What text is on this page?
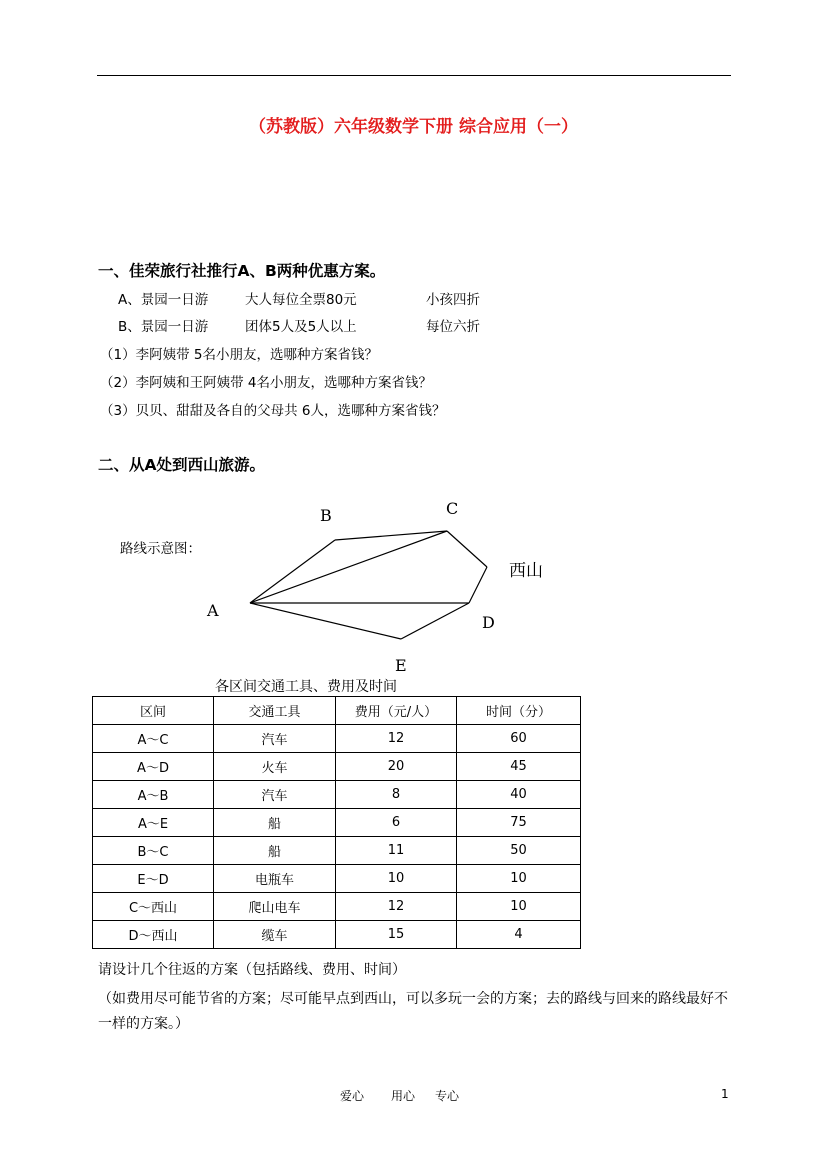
（苏教版）六年级数学下册 综合应用（一）
一、佳荣旅行社推行A、B两种优惠方案。
A、景园一日游	大人每位全票80元	小孩四折
B、景园一日游	团体5人及5人以上	每位六折
（1）李阿姨带 5名小朋友，选哪种方案省钱？
（2）李阿姨和王阿姨带 4名小朋友，选哪种方案省钱？
（3）贝贝、甜甜及各自的父母共 6人，选哪种方案省钱？
二、从A处到西山旅游。
路线示意图：
B	C
A
D
E
西山
各区间交通工具、费用及时间
区间	交通工具	费用（元/人）	时间（分）
A～C	汽车	12	60
A～D	火车	20	45
A～B	汽车	8	40
A～E	船	6	75
B～C	船	11	50
E～D	电瓶车	10	10
C～西山	爬山电车	12	10
D～西山	缆车	15	4
请设计几个往返的方案（包括路线、费用、时间）
（如费用尽可能节省的方案；尽可能早点到西山，可以多玩一会的方案；去的路线与回来的路线最好不一样的方案。）
爱心 用心 专心	1
